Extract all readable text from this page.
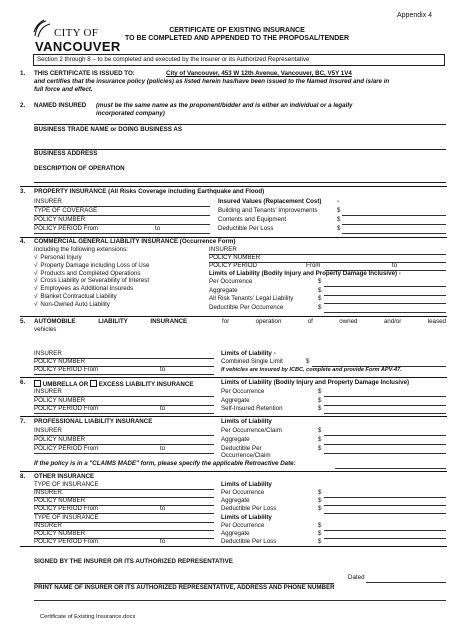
Appendix 4
CITY OF
VANCOUVER
CERTIFICATE OF EXISTING INSURANCE
TO BE COMPLETED AND APPENDED TO THE PROPOSAL/TENDER
Section 2 through 8 – to be completed and executed by the Insurer or its Authorized Representative
1. THIS CERTIFICATE IS ISSUED TO:	City of Vancouver, 453 W 12th Avenue, Vancouver, BC, V5Y 1V4
and certifies that the insurance policy (policies) as listed herein has/have been issued to the Named Insured and is/are in
full force and effect.
2. NAMED INSURED (must be the same name as the proponent/bidder and is either an individual or a legally
incorporated company)
BUSINESS TRADE NAME or DOING BUSINESS AS
BUSINESS ADDRESS
DESCRIPTION OF OPERATION
3. PROPERTY INSURANCE (All Risks Coverage including Earthquake and Flood)
INSURER	Insured Values (Replacement Cost)	-
TYPE OF COVERAGE	Building and Tenants' Improvements	$
POLICY NUMBER	Contents and Equipment	$
POLICY PERIOD From	to	Deductible Per Loss	$
4. COMMERCIAL GENERAL LIABILITY INSURANCE (Occurrence Form)
Including the following extensions:
√ Personal Injury
√ Property Damage including Loss of Use
√ Products and Completed Operations
√ Cross Liability or Severability of Interest
√ Employees as Additional Insureds
√ Blanket Contractual Liability
√ Non-Owned Auto Liability
INSURER
POLICY NUMBER
POLICY PERIOD	From	to
Limits of Liability (Bodily Injury and Property Damage Inclusive) -
Per Occurrence	$
Aggregate	$
All Risk Tenants' Legal Liability	$
Deductible Per Occurrence	$
5. AUTOMOBILE LIABILITY INSURANCE	for	operation	of	owned	and/or	leased
vehicles
INSURER	Limits of Liability -
POLICY NUMBER	Combined Single Limit	$
POLICY PERIOD From	to	If vehicles are insured by ICBC, complete and provide Form APV-47.
6.	UMBRELLA OR EXCESS LIABILITY INSURANCE	Limits of Liability (Bodily Injury and Property Damage Inclusive)
INSURER	Per Occurrence	$
POLICY NUMBER	Aggregate	$
POLICY PERIOD From	to	Self-Insured Retention	$
7. PROFESSIONAL LIABILITY INSURANCE	Limits of Liability
INSURER	Per Occurrence/Claim	$
POLICY NUMBER	Aggregate	$
POLICY PERIOD From	to	Deductible Per	$
Occurrence/Claim
If the policy is in a "CLAIMS MADE" form, please specify the applicable Retroactive Date:
8. OTHER INSURANCE
TYPE OF INSURANCE
INSURER
POLICY NUMBER
POLICY PERIOD From	to
Limits of Liability
Per Occurrence	$
Aggregate	$
Deductible Per Loss	$
TYPE OF INSURANCE
INSURER
POLICY NUMBER
POLICY PERIOD From	to
Limits of Liability
Per Occurrence	$
Aggregate	$
Deductible Per Loss	$
SIGNED BY THE INSURER OR ITS AUTHORIZED REPRESENTATIVE
Dated
PRINT NAME OF INSURER OR ITS AUTHORIZED REPRESENTATIVE, ADDRESS AND PHONE NUMBER
Certificate of Existing Insurance.docx
